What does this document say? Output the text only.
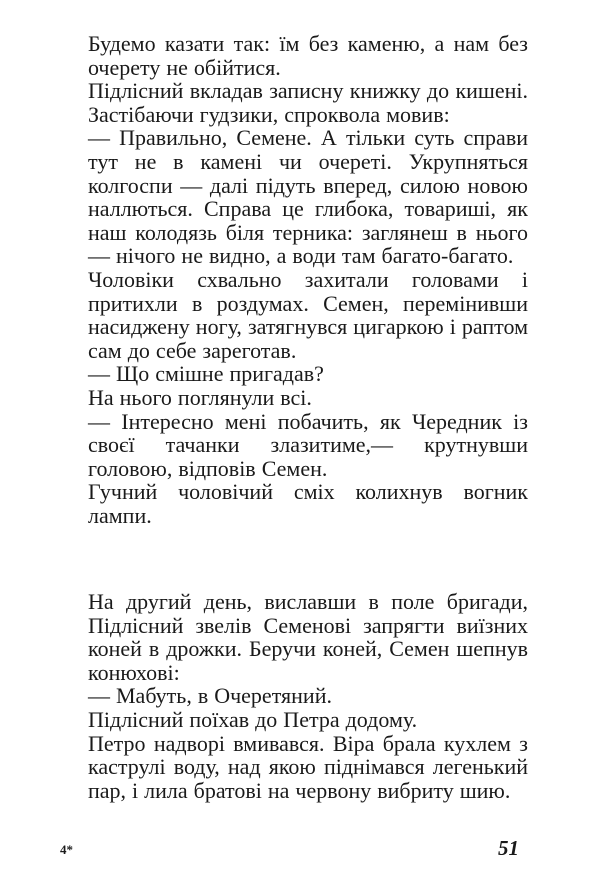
Будемо казати так: їм без каменю, а нам без очерету не обійтися.

Підлісний вкладав записну книжку до кишені. Застібаючи гудзики, спроквола мовив:

— Правильно, Семене. А тільки суть справи тут не в камені чи очереті. Укрупняться колгоспи — далі підуть вперед, силою новою наллються. Справа це глибока, товариші, як наш колодязь біля терника: заглянеш в нього — нічого не видно, а води там багато-багато.

Чоловіки схвально захитали головами і притихли в роздумах. Семен, перемінивши насиджену ногу, затягнувся цигаркою і раптом сам до себе зареготав.

— Що смішне пригадав?

На нього поглянули всі.

— Інтересно мені побачить, як Чередник із своєї тачанки злазитиме,— крутнувши головою, відповів Семен.

Гучний чоловічий сміх колихнув вогник лампи.

На другий день, виславши в поле бригади, Підлісний звелів Семенові запрягти виїзних коней в дрожки. Беручи коней, Семен шепнув конюхові:

— Мабуть, в Очеретяний.

Підлісний поїхав до Петра додому.

Петро надворі вмивався. Віра брала кухлем з каструлі воду, над якою піднімався легенький пар, і лила братові на червону вибриту шию.

4*	51
